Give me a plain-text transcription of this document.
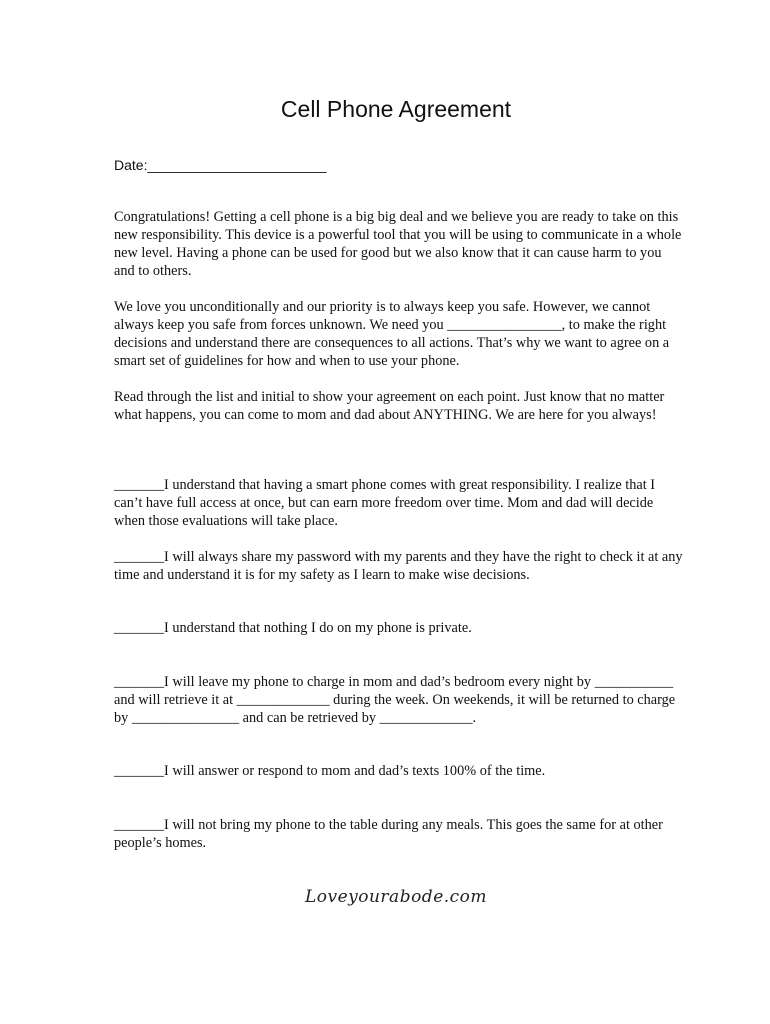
Cell Phone Agreement
Date:_______________________

Congratulations! Getting a cell phone is a big big deal and we believe you are ready to take on this new responsibility. This device is a powerful tool that you will be using to communicate in a whole new level. Having a phone can be used for good but we also know that it can cause harm to you and to others.

We love you unconditionally and our priority is to always keep you safe. However, we cannot always keep you safe from forces unknown. We need you ________________, to make the right decisions and understand there are consequences to all actions. That’s why we want to agree on a smart set of guidelines for how and when to use your phone.

Read through the list and initial to show your agreement on each point. Just know that no matter what happens, you can come to mom and dad about ANYTHING. We are here for you always!

_______I understand that having a smart phone comes with great responsibility. I realize that I can’t have full access at once, but can earn more freedom over time. Mom and dad will decide when those evaluations will take place.

_______I will always share my password with my parents and they have the right to check it at any time and understand it is for my safety as I learn to make wise decisions.

_______I understand that nothing I do on my phone is private.

_______I will leave my phone to charge in mom and dad’s bedroom every night by ___________ and will retrieve it at _____________ during the week. On weekends, it will be returned to charge by _______________ and can be retrieved by _____________.

_______I will answer or respond to mom and dad’s texts 100% of the time.

_______I will not bring my phone to the table during any meals. This goes the same for at other people’s homes.

Loveyourabode.com
